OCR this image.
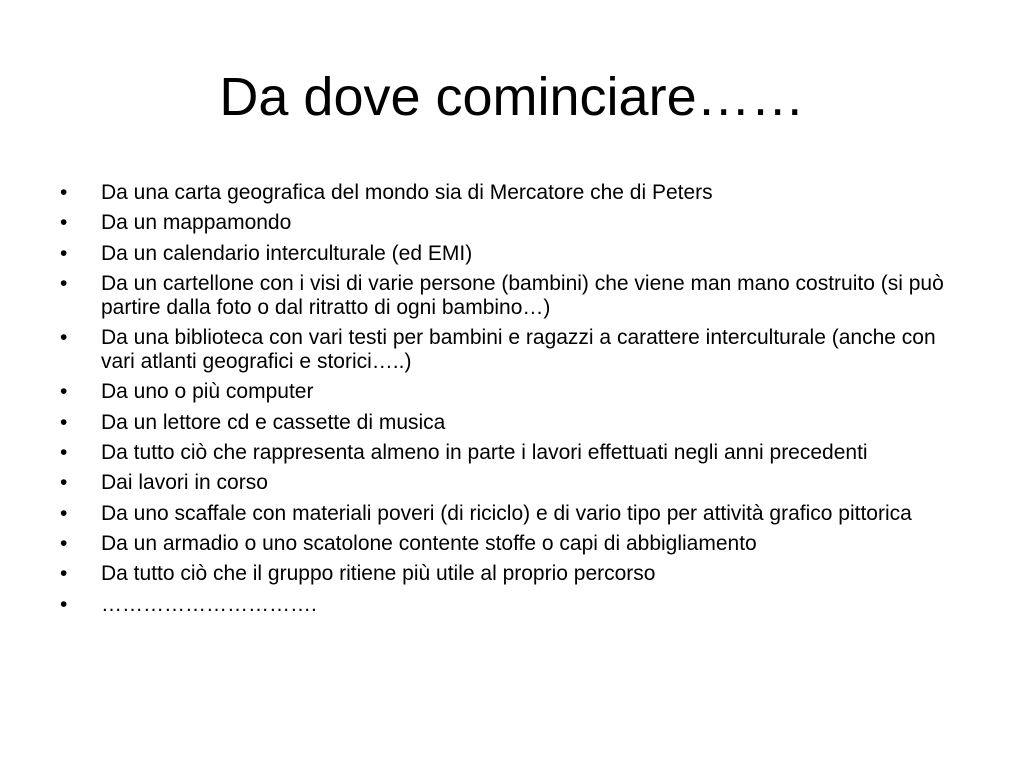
Da dove cominciare……
•	Da una carta geografica del mondo sia di Mercatore che di Peters
•	Da un mappamondo
•	Da un calendario interculturale (ed EMI)
•	Da un cartellone con i visi di varie persone (bambini) che viene man mano costruito (si può partire dalla foto o dal ritratto di ogni bambino…)
•	Da una biblioteca con vari testi per bambini e ragazzi a carattere interculturale (anche con vari atlanti geografici e storici…..)
•	Da uno o più computer
•	Da un lettore cd e cassette di musica
•	Da tutto ciò che rappresenta almeno in parte i lavori effettuati negli anni precedenti
•	Dai lavori in corso
•	Da uno scaffale con materiali poveri (di riciclo) e di vario tipo per attività grafico pittorica
•	Da un armadio o uno scatolone contente stoffe o capi di abbigliamento
•	Da tutto ciò che il gruppo ritiene più utile al proprio percorso
•	………………………….
